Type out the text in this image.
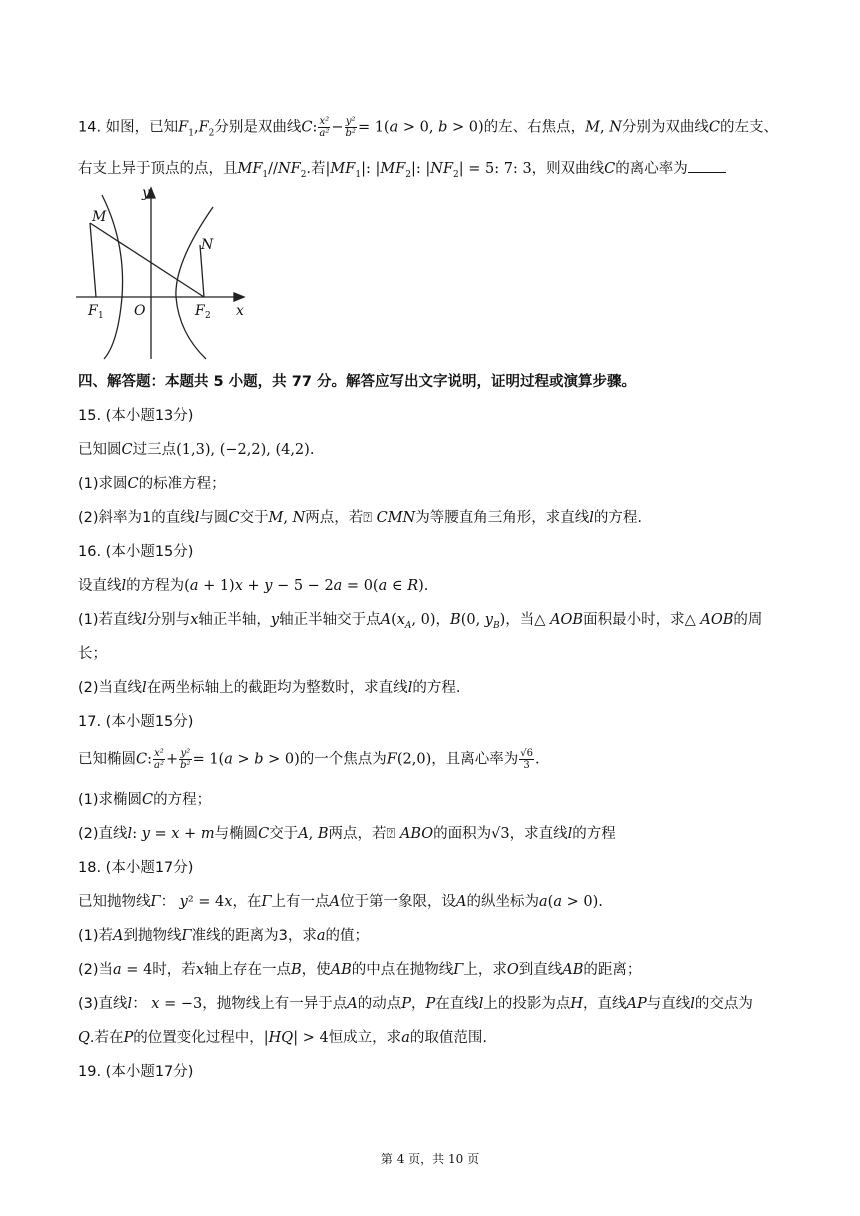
14. 如图，已知$F_1,F_2$分别是双曲线C: $\frac{\text{x²}}{\text{a²}} - \frac{\text{y²}}{\text{b²}} = 1(a > 0$, b > 0)的左、右焦点，M, N分别为双曲线C的左支、
右支上异于顶点的点，且$MF_1//NF_2$.若$|MF_1|$: $|MF_2|$: $|NF_2| = 5$: 7: 3，则双曲线C的离心率为
y
x
M
N
F	O	F
1	2
四、解答题：本题共 5 小题，共 77 分。解答应写出文字说明，证明过程或演算步骤。
15. (本小题13分)
已知圆C过三点(1,3), (−2,2), (4,2).
(1)求圆C的标准方程；
(2)斜率为1的直线l与圆C交于M, N两点，若⍰ CMN为等腰直角三角形，求直线l的方程.
16. (本小题15分)
设直线l的方程为(a + 1)x + y − 5 − 2a = 0(a ∈ R).
(1)若直线l分别与x轴正半轴，y轴正半轴交于点$A(x_A$, 0)，B(0, $y_B$)，当△ AOB面积最小时，求△ AOB的周
长；
(2)当直线l在两坐标轴上的截距均为整数时，求直线l的方程.
17. (本小题15分)
已知椭圆C: $\frac{\text{x²}}{\text{a²}} + \frac{\text{y²}}{\text{b²}} = 1(a > b > 0)$的一个焦点为F(2,0)，且离心率为 $\frac{√6}{3}$ .
(1)求椭圆C的方程；
(2)直线l: y = x + m与椭圆C交于A, B两点，若⍰ ABO的面积为√3，求直线l的方程
18. (本小题17分)
已知抛物线Γ： y² = 4x，在Γ上有一点A位于第一象限，设A的纵坐标为a(a > 0).
(1)若A到抛物线Γ准线的距离为3，求a的值；
(2)当a = 4时，若x轴上存在一点B，使AB的中点在抛物线Γ上，求O到直线AB的距离；
(3)直线l： x = −3，抛物线上有一异于点A的动点P，P在直线l上的投影为点H，直线AP与直线l的交点为
Q.若在P的位置变化过程中，|HQ| > 4恒成立，求a的取值范围.
19. (本小题17分)
第 4 页，共 10 页
